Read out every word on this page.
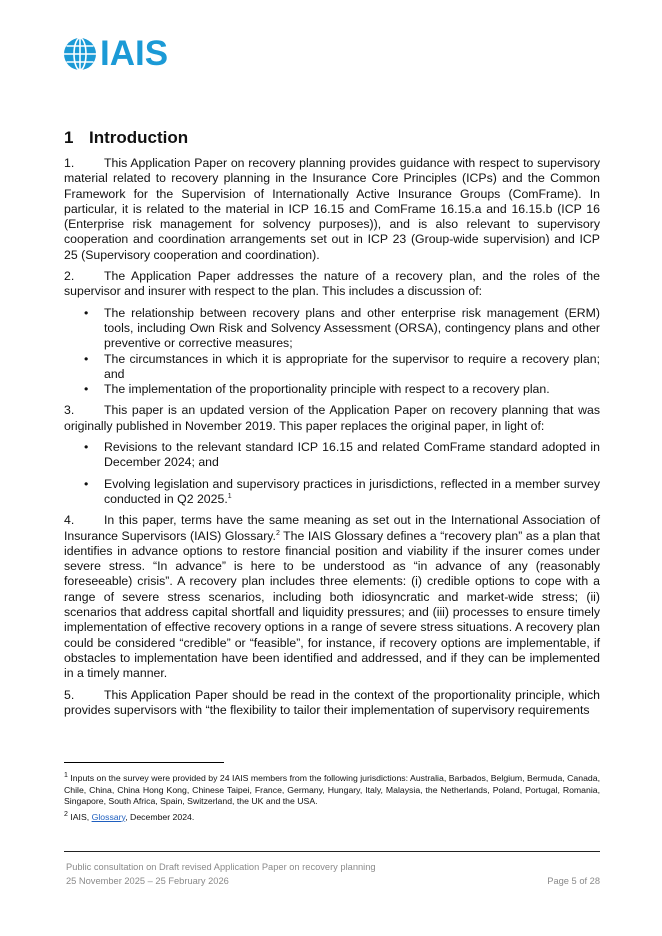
IAIS
1 Introduction

1. This Application Paper on recovery planning provides guidance with respect to supervisory material related to recovery planning in the Insurance Core Principles (ICPs) and the Common Framework for the Supervision of Internationally Active Insurance Groups (ComFrame). In particular, it is related to the material in ICP 16.15 and ComFrame 16.15.a and 16.15.b (ICP 16 (Enterprise risk management for solvency purposes)), and is also relevant to supervisory cooperation and coordination arrangements set out in ICP 23 (Group-wide supervision) and ICP 25 (Supervisory cooperation and coordination).

2. The Application Paper addresses the nature of a recovery plan, and the roles of the supervisor and insurer with respect to the plan. This includes a discussion of:

• The relationship between recovery plans and other enterprise risk management (ERM) tools, including Own Risk and Solvency Assessment (ORSA), contingency plans and other preventive or corrective measures;
• The circumstances in which it is appropriate for the supervisor to require a recovery plan; and
• The implementation of the proportionality principle with respect to a recovery plan.

3. This paper is an updated version of the Application Paper on recovery planning that was originally published in November 2019. This paper replaces the original paper, in light of:

• Revisions to the relevant standard ICP 16.15 and related ComFrame standard adopted in December 2024; and
• Evolving legislation and supervisory practices in jurisdictions, reflected in a member survey conducted in Q2 2025.$^1$

4. In this paper, terms have the same meaning as set out in the International Association of Insurance Supervisors (IAIS) Glossary.$^2$ The IAIS Glossary defines a “recovery plan” as a plan that identifies in advance options to restore financial position and viability if the insurer comes under severe stress. “In advance” is here to be understood as “in advance of any (reasonably foreseeable) crisis”. A recovery plan includes three elements: (i) credible options to cope with a range of severe stress scenarios, including both idiosyncratic and market-wide stress; (ii) scenarios that address capital shortfall and liquidity pressures; and (iii) processes to ensure timely implementation of effective recovery options in a range of severe stress situations. A recovery plan could be considered “credible” or “feasible”, for instance, if recovery options are implementable, if obstacles to implementation have been identified and addressed, and if they can be implemented in a timely manner.

5. This Application Paper should be read in the context of the proportionality principle, which provides supervisors with “the flexibility to tailor their implementation of supervisory requirements

$^1$ Inputs on the survey were provided by 24 IAIS members from the following jurisdictions: Australia, Barbados, Belgium, Bermuda, Canada, Chile, China, China Hong Kong, Chinese Taipei, France, Germany, Hungary, Italy, Malaysia, the Netherlands, Poland, Portugal, Romania, Singapore, South Africa, Spain, Switzerland, the UK and the USA.

$^2$ IAIS, Glossary, December 2024.

Public consultation on Draft revised Application Paper on recovery planning
25 November 2025 – 25 February 2026	Page 5 of 28
